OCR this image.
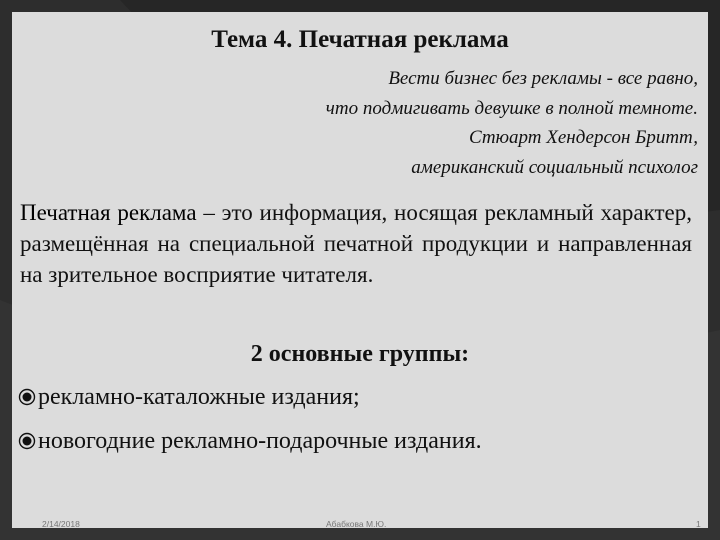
Тема 4. Печатная реклама
Вести бизнес без рекламы - все равно,
что подмигивать девушке в полной темноте.
Стюарт Хендерсон Бритт,
американский социальный психолог
Печатная реклама – это информация, носящая рекламный характер, размещённая на специальной печатной продукции и направленная на зрительное восприятие читателя.
2 основные группы:
рекламно-каталожные издания;
новогодние рекламно-подарочные издания.
2/14/2018	Абабкова М.Ю.	1
